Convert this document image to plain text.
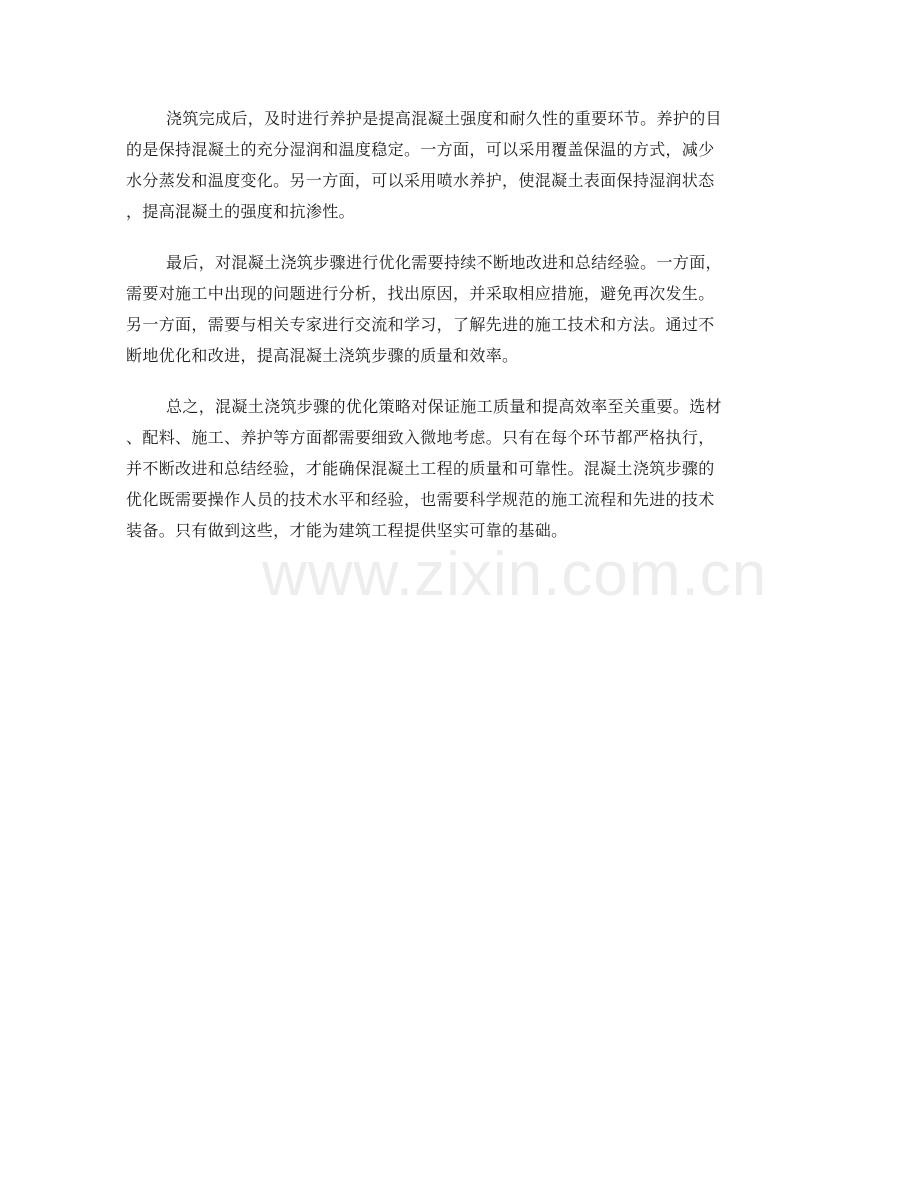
浇筑完成后，及时进行养护是提高混凝土强度和耐久性的重要环节。养护的目
的是保持混凝土的充分湿润和温度稳定。一方面，可以采用覆盖保温的方式，减少
水分蒸发和温度变化。另一方面，可以采用喷水养护，使混凝土表面保持湿润状态
，提高混凝土的强度和抗渗性。

最后，对混凝土浇筑步骤进行优化需要持续不断地改进和总结经验。一方面，
需要对施工中出现的问题进行分析，找出原因，并采取相应措施，避免再次发生。
另一方面，需要与相关专家进行交流和学习，了解先进的施工技术和方法。通过不
断地优化和改进，提高混凝土浇筑步骤的质量和效率。

总之，混凝土浇筑步骤的优化策略对保证施工质量和提高效率至关重要。选材
、配料、施工、养护等方面都需要细致入微地考虑。只有在每个环节都严格执行，
并不断改进和总结经验，才能确保混凝土工程的质量和可靠性。混凝土浇筑步骤的
优化既需要操作人员的技术水平和经验，也需要科学规范的施工流程和先进的技术
装备。只有做到这些，才能为建筑工程提供坚实可靠的基础。

www.zixin.com.cn
